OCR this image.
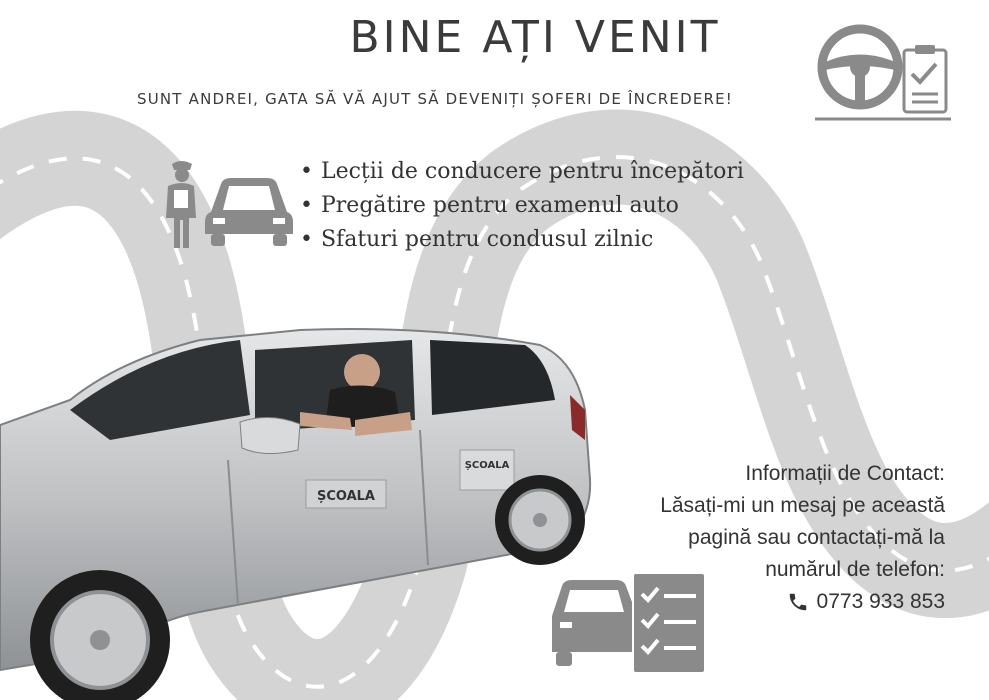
BINE AȚI VENIT
SUNT ANDREI, GATA SĂ VĂ AJUT SĂ DEVENIȚI ȘOFERI DE ÎNCREDERE!
• Lecții de conducere pentru începători
• Pregătire pentru examenul auto
• Sfaturi pentru condusul zilnic
ȘCOALA
ȘCOALA	Informații de Contact:
Lăsați-mi un mesaj pe această
pagină sau contactați-mă la
numărul de telefon:
0773 933 853
